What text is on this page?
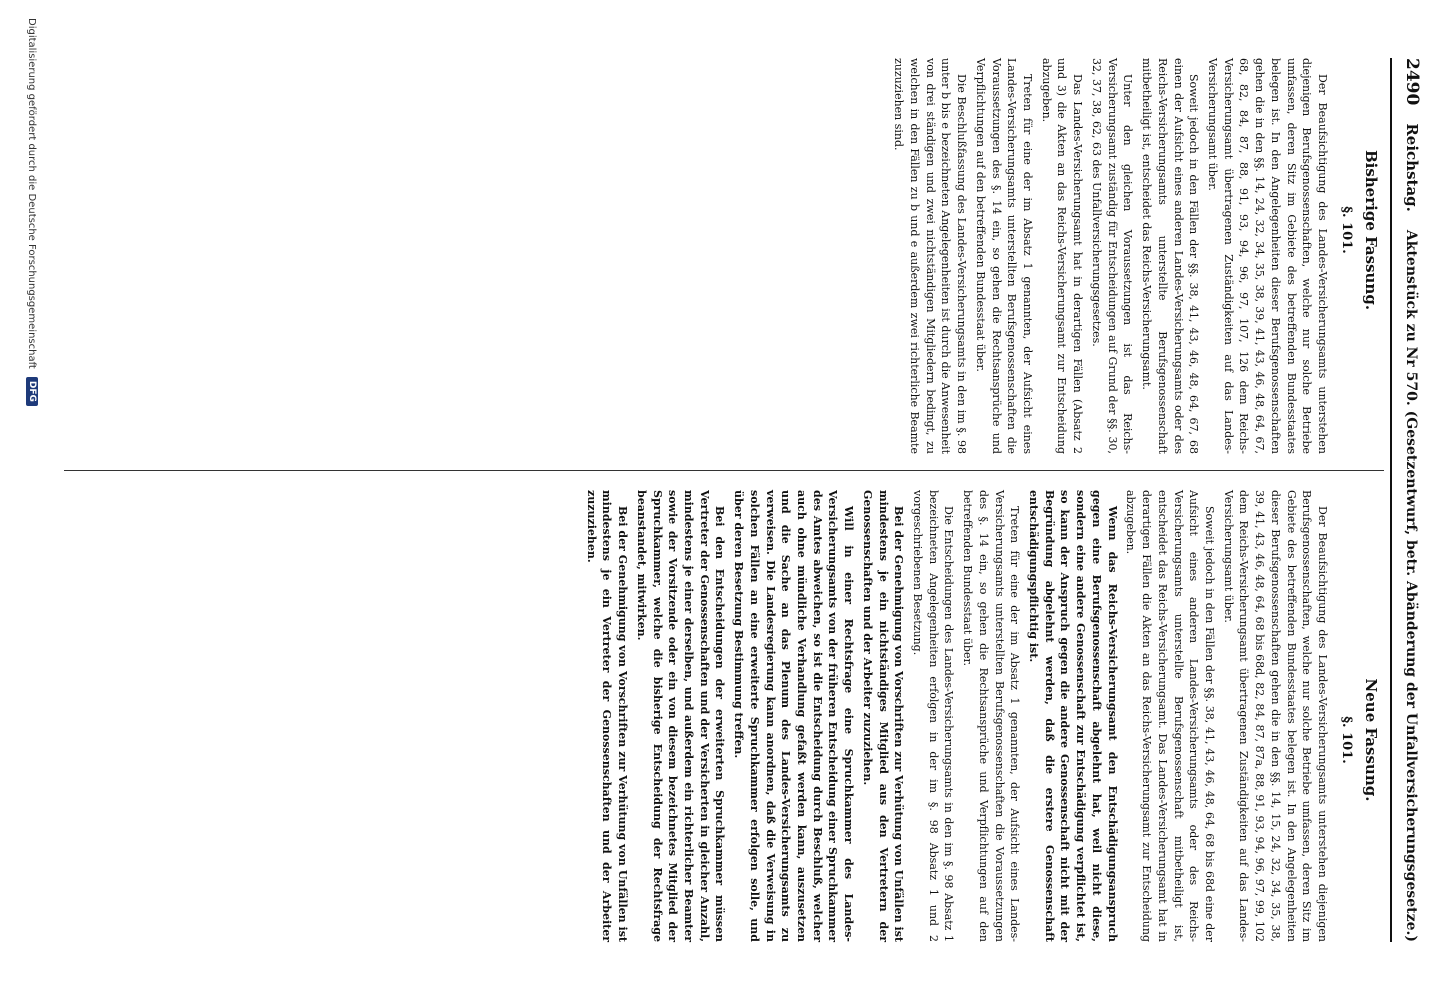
2490
Reichstag.
Aktenstück zu Nr 570. (Gesetzentwurf, betr. Abänderung der Unfallversicherungsgesetze.)
Bisherige Fassung.
Neue Fassung.
§. 101.
§. 101.

Der Beaufsichtigung des Landes-Versicherungsamts unterstehen diejenigen Berufsgenossenschaften, welche nur solche Betriebe umfassen, deren Sitz im Gebiete des betreffenden Bundesstaates belegen ist. In den Angelegenheiten dieser Berufsgenossenschaften gehen die in den §§. 14, 24, 32, 34, 35, 38, 39, 41, 43, 46, 48, 64, 67, 68, 82, 84, 87, 88, 91, 93, 94, 96, 97, 107, 126 dem Reichs-Versicherungsamt übertragenen Zuständigkeiten auf das Landes-Versicherungsamt über.

Soweit jedoch in den Fällen der §§. 38, 41, 43, 46, 48, 64, 67, 68 einen der Aufsicht eines anderen Landes-Versicherungsamts oder des Reichs-Versicherungsamts unterstellte Berufsgenossenschaft mitbetheiligt ist, entscheidet das Reichs-Versicherungsamt.

Unter den gleichen Voraussetzungen ist das Reichs-Versicherungsamt zuständig für Entscheidungen auf Grund der §§. 30, 32, 37, 38, 62, 63 des Unfallversicherungsgesetzes.

Das Landes-Versicherungsamt hat in derartigen Fällen (Absatz 2 und 3) die Akten an das Reichs-Versicherungsamt zur Entscheidung abzugeben.

Treten für eine der im Absatz 1 genannten, der Aufsicht eines Landes-Versicherungsamts unterstellten Berufsgenossenschaften die Voraussetzungen des §. 14 ein, so gehen die Rechtsansprüche und Verpflichtungen auf den betreffenden Bundesstaat über.

Die Beschlußfassung des Landes-Versicherungsamts in den im §. 98 unter b bis e bezeichneten Angelegenheiten ist durch die Anwesenheit von drei ständigen und zwei nichtständigen Mitgliedern bedingt, zu welchen in den Fällen zu b und e außerdem zwei richterliche Beamte zuzuziehen sind.

Der Beaufsichtigung des Landes-Versicherungsamts unterstehen diejenigen Berufsgenossenschaften, welche nur solche Betriebe umfassen, deren Sitz im Gebiete des betreffenden Bundesstaates belegen ist. In den Angelegenheiten dieser Berufsgenossenschaften gehen die in den §§. 14, 15, 24, 32, 34, 35, 38, 39, 41, 43, 46, 48, 64, 68 bis 68d, 82, 84, 87, 87a, 88, 91, 93, 94, 96, 97, 99, 102 dem Reichs-Versicherungsamt übertragenen Zuständigkeiten auf das Landes-Versicherungsamt über.

Soweit jedoch in den Fällen der §§. 38, 41, 43, 46, 48, 64, 68 bis 68d eine der Aufsicht eines anderen Landes-Versicherungsamts oder des Reichs-Versicherungsamts unterstellte Berufsgenossenschaft mitbetheiligt ist, entscheidet das Reichs-Versicherungsamt. Das Landes-Versicherungsamt hat in derartigen Fällen die Akten an das Reichs-Versicherungsamt zur Entscheidung abzugeben.

Wenn das Reichs-Versicherungsamt den Entschädigungsanspruch gegen eine Berufsgenossenschaft abgelehnt hat, weil nicht diese, sondern eine andere Genossenschaft zur Entschädigung verpflichtet ist, so kann der Anspruch gegen die andere Genossenschaft nicht mit der Begründung abgelehnt werden, daß die erstere Genossenschaft entschädigungspflichtig ist.

Treten für eine der im Absatz 1 genannten, der Aufsicht eines Landes-Versicherungsamts unterstellten Berufsgenossenschaften die Voraussetzungen des §. 14 ein, so gehen die Rechtsansprüche und Verpflichtungen auf den betreffenden Bundesstaat über.

Die Entscheidungen des Landes-Versicherungsamts in den im §. 98 Absatz 1 bezeichneten Angelegenheiten erfolgen in der im §. 98 Absatz 1 und 2 vorgeschriebenen Besetzung.

Bei der Genehmigung von Vorschriften zur Verhütung von Unfällen ist mindestens je ein nichtständiges Mitglied aus den Vertretern der Genossenschaften und der Arbeiter zuzuziehen.

Will in einer Rechtsfrage eine Spruchkammer des Landes-Versicherungsamts von der früheren Entscheidung einer Spruchkammer des Amtes abweichen, so ist die Entscheidung durch Beschluß, welcher auch ohne mündliche Verhandlung gefaßt werden kann, auszusetzen und die Sache an das Plenum des Landes-Versicherungsamts zu verweisen. Die Landesregierung kann anordnen, daß die Verweisung in solchen Fällen an eine erweiterte Spruchkammer erfolgen solle, und über deren Besetzung Bestimmung treffen.

Bei den Entscheidungen der erweiterten Spruchkammer müssen Vertreter der Genossenschaften und der Versicherten in gleicher Anzahl, mindestens je einer derselben, und außerdem ein richterlicher Beamter sowie der Vorsitzende oder ein von diesem bezeichnetes Mitglied der Spruchkammer, welche die bisherige Entscheidung der Rechtsfrage beanstandet, mitwirken.

Bei der Genehmigung von Vorschriften zur Verhütung von Unfällen ist mindestens je ein Vertreter der Genossenschaften und der Arbeiter zuzuziehen.

Digitalisierung gefördert durch die Deutsche Forschungsgemeinschaft
DFG
